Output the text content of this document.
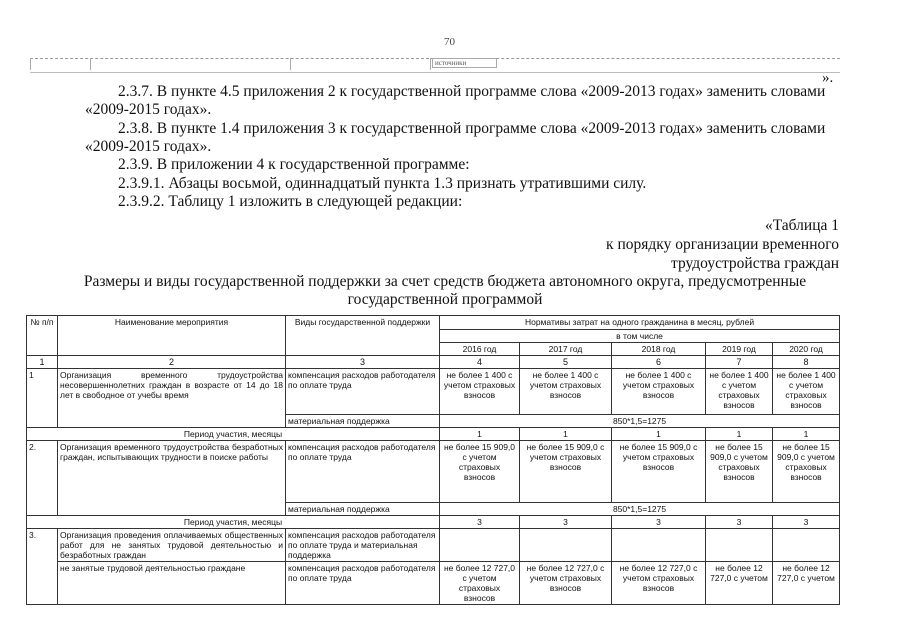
70
источники
».
2.3.7. В пункте 4.5 приложения 2 к государственной программе слова «2009-2013 годах» заменить словами
«2009-2015 годах».
2.3.8. В пункте 1.4 приложения 3 к государственной программе слова «2009-2013 годах» заменить словами
«2009-2015 годах».
2.3.9. В приложении 4 к государственной программе:
2.3.9.1. Абзацы восьмой, одиннадцатый пункта 1.3 признать утратившими силу.
2.3.9.2. Таблицу 1 изложить в следующей редакции:
«Таблица 1
к порядку организации временного
трудоустройства граждан
Размеры и виды государственной поддержки за счет средств бюджета автономного округа, предусмотренные государственной программой
№ п/п	Наименование мероприятия	Виды государственной поддержки	Нормативы затрат на одного гражданина в месяц, рублей				
			в том числе				
			2016 год	2017 год	2018 год	2019 год	2020 год
1	2	3	4	5	6	7	8
1	Организация временного трудоустройства несовершеннолетних граждан в возрасте от 14 до 18 лет в свободное от учебы время	компенсация расходов работодателя по оплате труда	не более 1 400 с учетом страховых взносов	не более 1 400 с учетом страховых взносов	не более 1 400 с учетом страховых взносов	не более 1 400 с учетом страховых взносов	не более 1 400 с учетом страховых взносов
		материальная поддержка	850*1,5=1275				
Период участия, месяцы			1	1	1	1	1
2.	Организация временного трудоустройства безработных граждан, испытывающих трудности в поиске работы	компенсация расходов работодателя по оплате труда	не более 15 909,0 с учетом страховых взносов	не более 15 909,0 с учетом страховых взносов	не более 15 909,0 с учетом страховых взносов	не более 15 909,0 с учетом страховых взносов	не более 15 909,0 с учетом страховых взносов
		материальная поддержка	850*1,5=1275				
Период участия, месяцы			3	3	3	3	3
3.	Организация проведения оплачиваемых общественных работ для не занятых трудовой деятельностью и безработных граждан	компенсация расходов работодателя по оплате труда и материальная поддержка					
	не занятые трудовой деятельностью граждане	компенсация расходов работодателя по оплате труда	не более 12 727,0 с учетом страховых взносов	не более 12 727,0 с учетом страховых взносов	не более 12 727,0 с учетом страховых взносов	не более 12 727,0 с учетом	не более 12 727,0 с учетом
